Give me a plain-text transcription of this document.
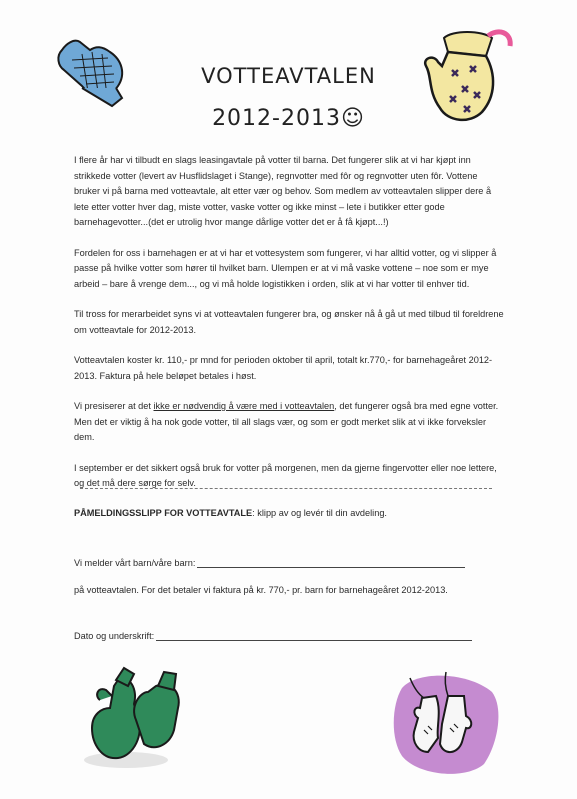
VOTTEAVTALEN
2012-2013☺

I flere år har vi tilbudt en slags leasingavtale på votter til barna. Det fungerer slik at vi har kjøpt inn strikkede votter (levert av Husflidslaget i Stange), regnvotter med fôr og regnvotter uten fôr. Vottene bruker vi på barna med votteavtale, alt etter vær og behov. Som medlem av votteavtalen slipper dere å lete etter votter hver dag, miste votter, vaske votter og ikke minst – lete i butikker etter gode barnehagevotter...(det er utrolig hvor mange dårlige votter det er å få kjøpt...!)

Fordelen for oss i barnehagen er at vi har et vottesystem som fungerer, vi har alltid votter, og vi slipper å passe på hvilke votter som hører til hvilket barn. Ulempen er at vi må vaske vottene – noe som er mye arbeid – bare å vrenge dem..., og vi må holde logistikken i orden, slik at vi har votter til enhver tid.

Til tross for merarbeidet syns vi at votteavtalen fungerer bra, og ønsker nå å gå ut med tilbud til foreldrene om votteavtale for 2012-2013.

Votteavtalen koster kr. 110,- pr mnd for perioden oktober til april, totalt kr.770,- for barnehageåret 2012-2013. Faktura på hele beløpet betales i høst.

Vi presiserer at det ikke er nødvendig å være med i votteavtalen, det fungerer også bra med egne votter. Men det er viktig å ha nok gode votter, til all slags vær, og som er godt merket slik at vi ikke forveksler dem.

I september er det sikkert også bruk for votter på morgenen, men da gjerne fingervotter eller noe lettere, og det må dere sørge for selv.

PÅMELDINGSSLIPP FOR VOTTEAVTALE: klipp av og levér til din avdeling.
Vi melder vårt barn/våre barn:
på votteavtalen. For det betaler vi faktura på kr. 770,- pr. barn for barnehageåret 2012-2013.
Dato og underskrift:
